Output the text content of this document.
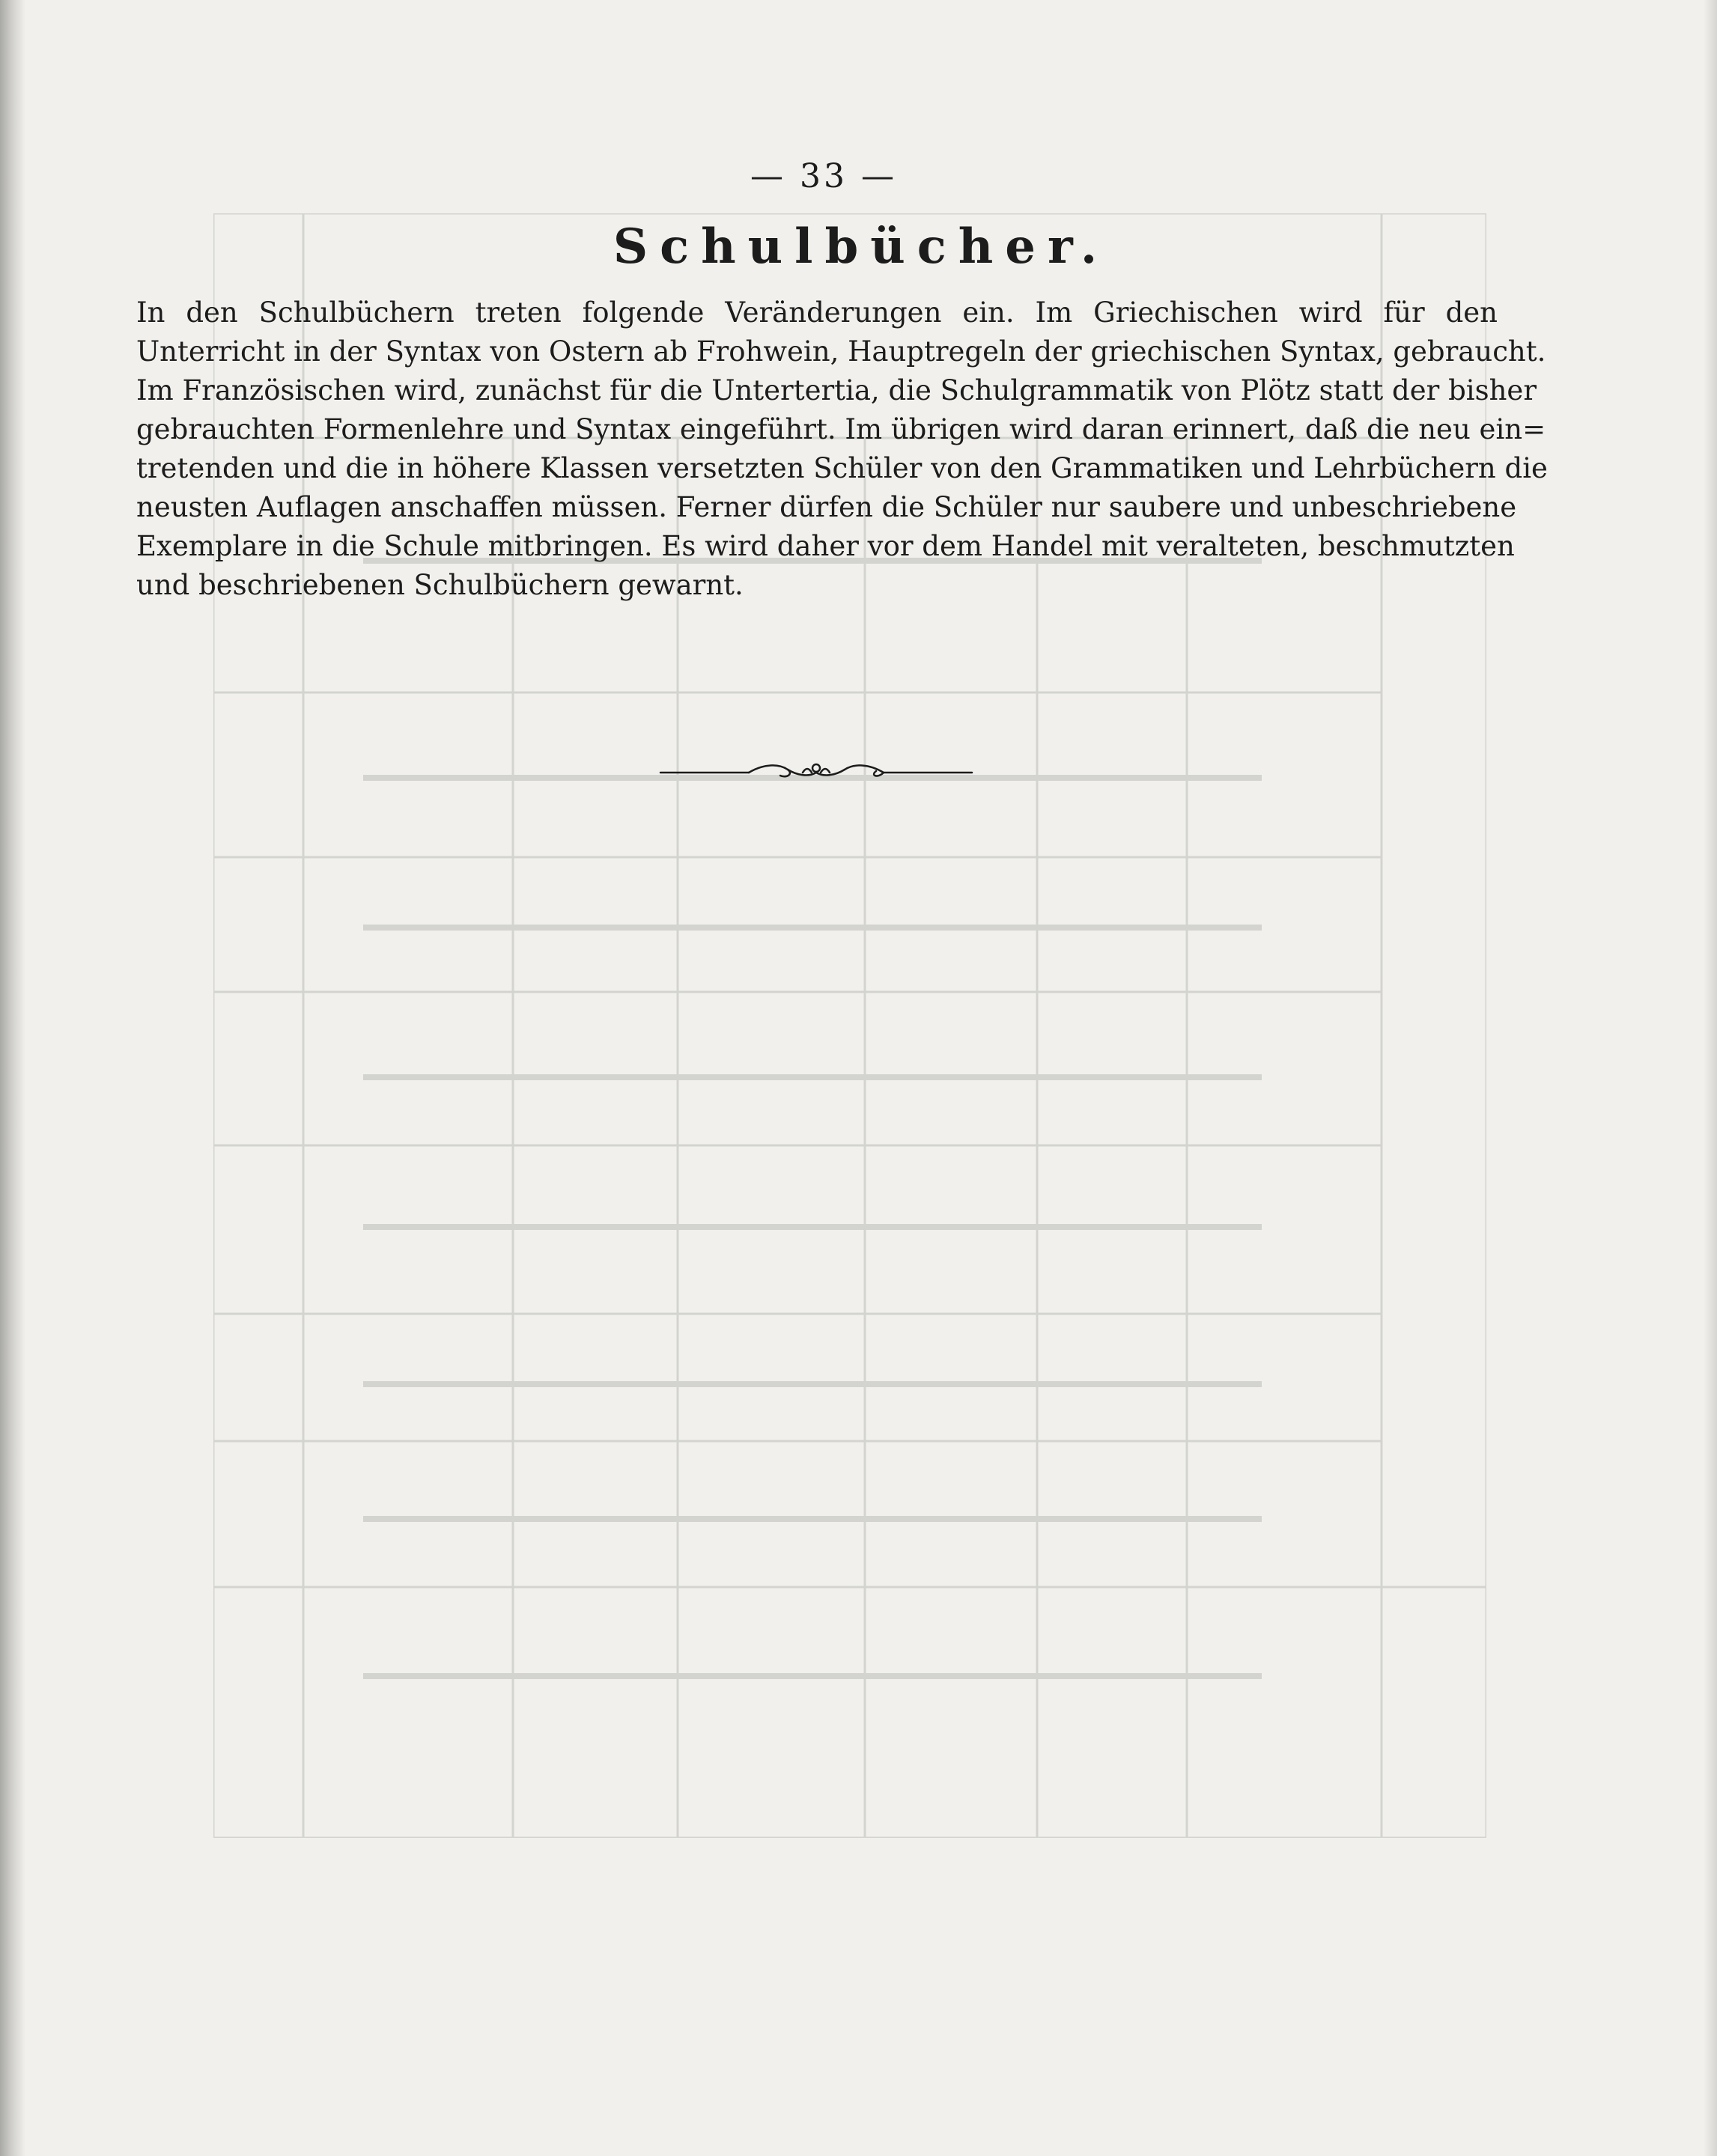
— 33 —
Schulbücher.
In den Schulbüchern treten folgende Veränderungen ein. Im Griechischen wird für den
Unterricht in der Syntax von Ostern ab Frohwein, Hauptregeln der griechischen Syntax, gebraucht.
Im Französischen wird, zunächst für die Untertertia, die Schulgrammatik von Plötz statt der bisher
gebrauchten Formenlehre und Syntax eingeführt. Im übrigen wird daran erinnert, daß die neu ein=
tretenden und die in höhere Klassen versetzten Schüler von den Grammatiken und Lehrbüchern die
neusten Auflagen anschaffen müssen. Ferner dürfen die Schüler nur saubere und unbeschriebene
Exemplare in die Schule mitbringen. Es wird daher vor dem Handel mit veralteten, beschmutzten
und beschriebenen Schulbüchern gewarnt.
